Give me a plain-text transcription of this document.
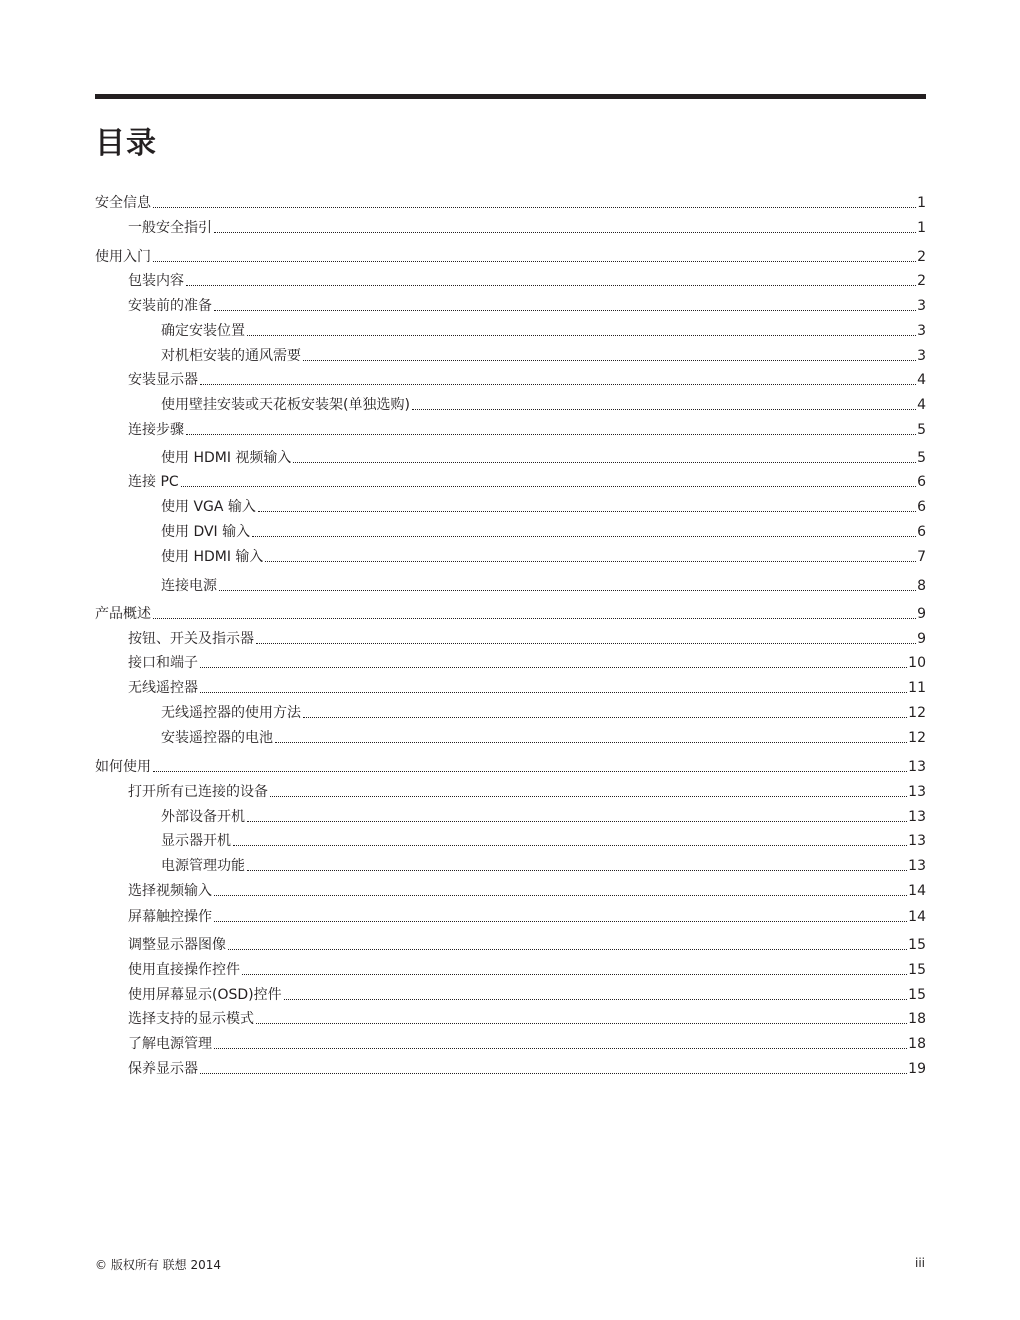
目录
安全信息	1
一般安全指引	1
使用入门	2
包装内容	2
安装前的准备	3
确定安装位置	3
对机柜安装的通风需要	3
安装显示器	4
使用壁挂安装或天花板安装架(单独选购)	4
连接步骤	5
使用 HDMI 视频输入	5
连接 PC	6
使用 VGA 输入	6
使用 DVI 输入	6
使用 HDMI 输入	7
连接电源	8
产品概述	9
按钮、开关及指示器	9
接口和端子	10
无线遥控器	11
无线遥控器的使用方法	12
安装遥控器的电池	12
如何使用	13
打开所有已连接的设备	13
外部设备开机	13
显示器开机	13
电源管理功能	13
选择视频输入	14
屏幕触控操作	14
调整显示器图像	15
使用直接操作控件	15
使用屏幕显示(OSD)控件	15
选择支持的显示模式	18
了解电源管理	18
保养显示器	19
© 版权所有 联想 2014	iii
